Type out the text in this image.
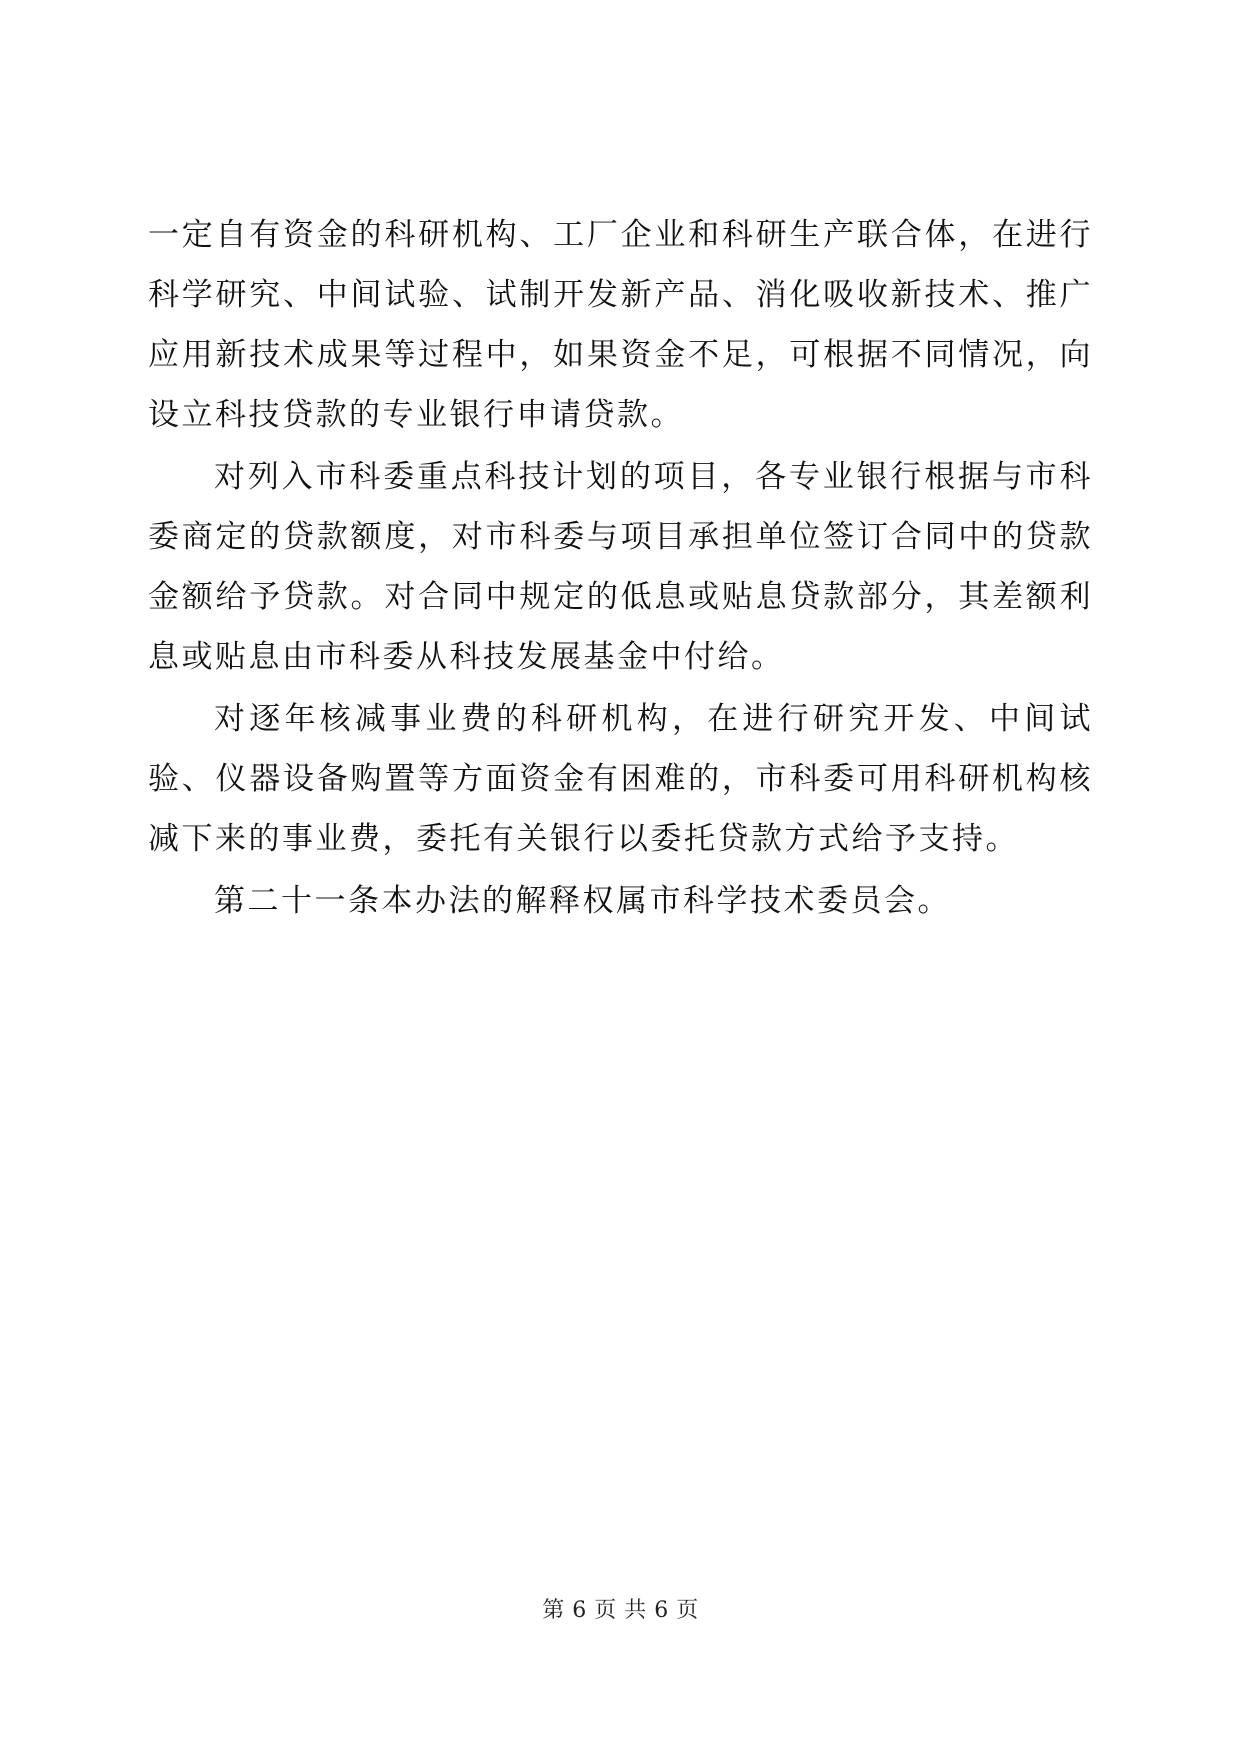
一定自有资金的科研机构、工厂企业和科研生产联合体，在进行科学研究、中间试验、试制开发新产品、消化吸收新技术、推广应用新技术成果等过程中，如果资金不足，可根据不同情况，向设立科技贷款的专业银行申请贷款。

对列入市科委重点科技计划的项目，各专业银行根据与市科委商定的贷款额度，对市科委与项目承担单位签订合同中的贷款金额给予贷款。对合同中规定的低息或贴息贷款部分，其差额利息或贴息由市科委从科技发展基金中付给。

对逐年核减事业费的科研机构，在进行研究开发、中间试验、仪器设备购置等方面资金有困难的，市科委可用科研机构核减下来的事业费，委托有关银行以委托贷款方式给予支持。

第二十一条本办法的解释权属市科学技术委员会。

第 6 页 共 6 页
